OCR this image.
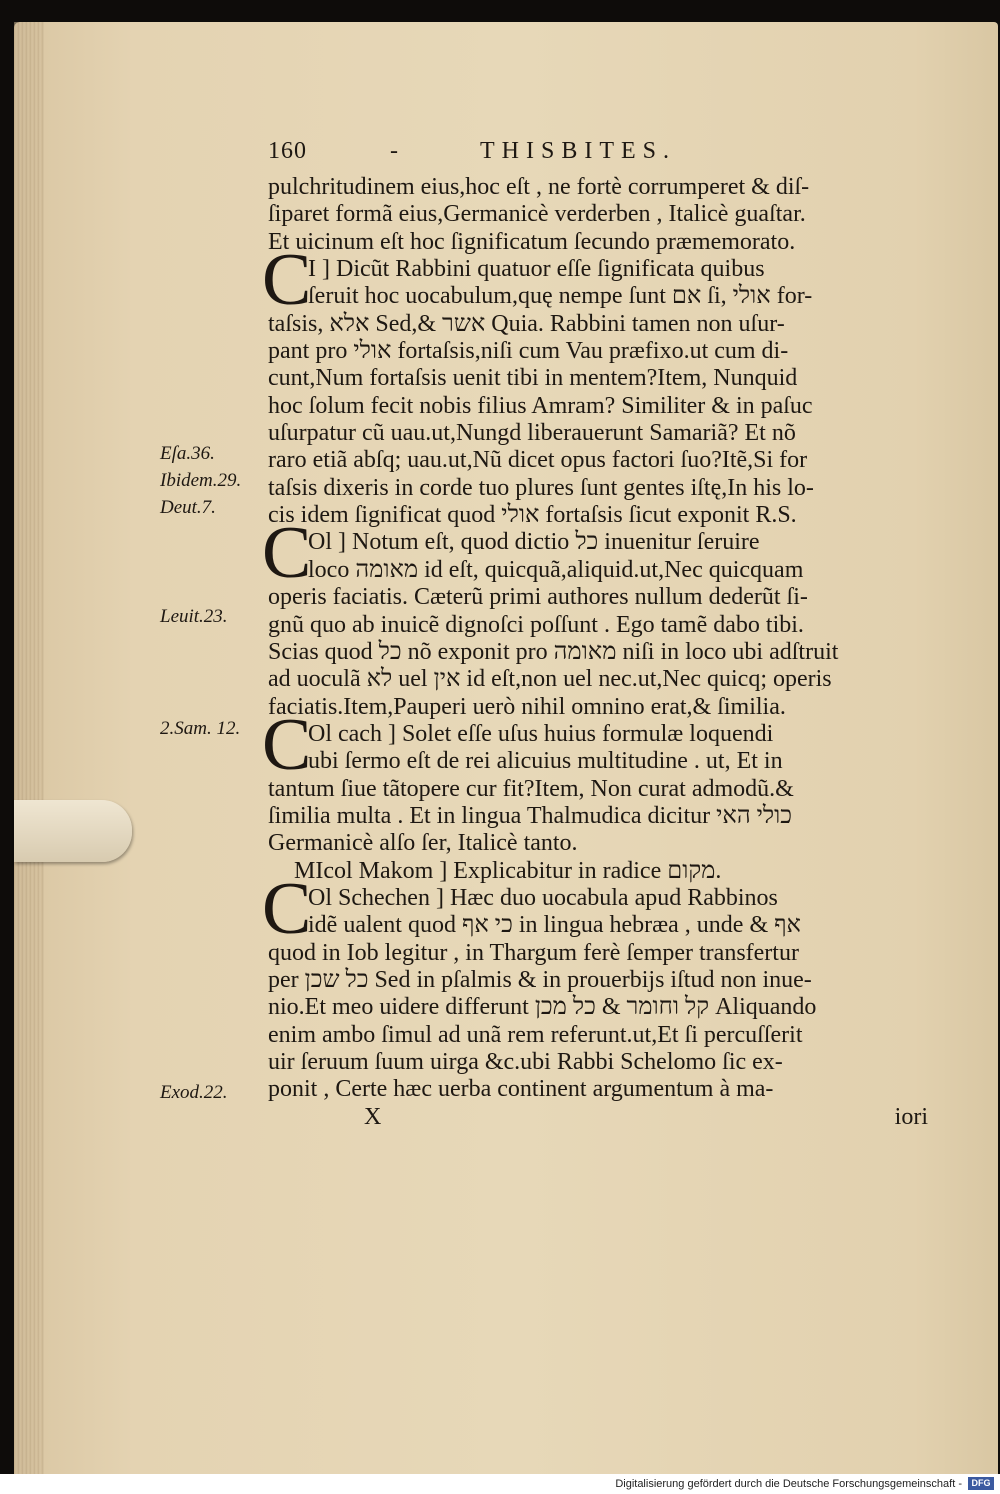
160	-	THISBITES.
pulchritudinem eius,hoc eſt , ne fortè corrumperet & diſ-
ſiparet formã eius,Germanicè verderben , Italicè guaſtar.
Et uicinum eſt hoc ſignificatum ſecundo præmemorato.
C
I ] Dicũt Rabbini quatuor eſſe ſignificata quibus
ſeruit hoc uocabulum,quę nempe ſunt אם ſi, אולי for-
taſsis, אלא Sed,& אשר Quia. Rabbini tamen non uſur-
pant pro אולי fortaſsis,niſi cum Vau præfixo.ut cum di-
cunt,Num fortaſsis uenit tibi in mentem?Item, Nunquid
hoc ſolum fecit nobis filius Amram? Similiter & in paſuc
uſurpatur cũ uau.ut,Nungd liberauerunt Samariã? Et nõ
raro etiã abſq; uau.ut,Nũ dicet opus factori ſuo?Itẽ,Si for
taſsis dixeris in corde tuo plures ſunt gentes iſtę,In his lo-
cis idem ſignificat quod אולי fortaſsis ſicut exponit R.S.
C
Ol ] Notum eſt, quod dictio כל inuenitur ſeruire
loco מאומה id eſt, quicquã,aliquid.ut,Nec quicquam
operis faciatis. Cæterũ primi authores nullum dederũt ſi-
gnũ quo ab inuicẽ dignoſci poſſunt . Ego tamẽ dabo tibi.
Scias quod כל nõ exponit pro מאומה niſi in loco ubi adſtruit
ad uoculã לא uel אין id eſt,non uel nec.ut,Nec quicq; operis
faciatis.Item,Pauperi uerò nihil omnino erat,& ſimilia.
C
Ol cach ] Solet eſſe uſus huius formulæ loquendi
ubi ſermo eſt de rei alicuius multitudine . ut, Et in
tantum ſiue tãtopere cur fit?Item, Non curat admodũ.&
ſimilia multa . Et in lingua Thalmudica dicitur כולי האי
Germanicè alſo ſer, Italicè tanto.
MIcol Makom ] Explicabitur in radice מקום.
C
Ol Schechen ] Hæc duo uocabula apud Rabbinos
idẽ ualent quod כי אף in lingua hebræa , unde & אף
quod in Iob legitur , in Thargum ferè ſemper transfertur
per כל שכן Sed in pſalmis & in prouerbijs iſtud non inue-
nio.Et meo uidere differunt קל וחומר & כל מכן Aliquando
enim ambo ſimul ad unã rem referunt.ut,Et ſi percuſſerit
uir ſeruum ſuum uirga &c.ubi Rabbi Schelomo ſic ex-
ponit , Certe hæc uerba continent argumentum à ma-
X	iori
Eſa.36.
Ibidem.29.
Deut.7.
Leuit.23.
2.Sam. 12.
Exod.22.
Digitalisierung gefördert durch die Deutsche Forschungsgemeinschaft -	DFG
